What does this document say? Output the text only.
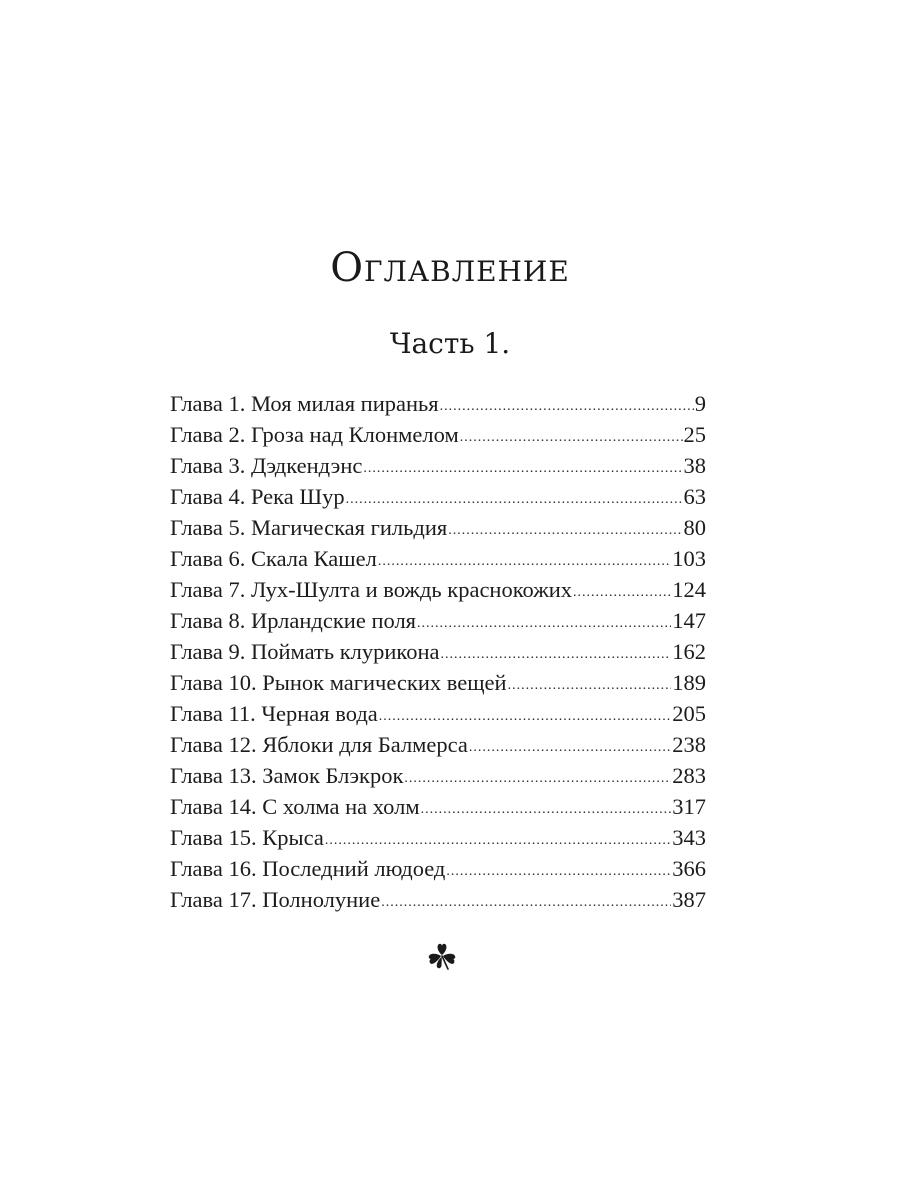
Оглавление
Часть 1.
Глава 1. Моя милая пиранья .....	9
Глава 2. Гроза над Клонмелом .....	25
Глава 3. Дэдкендэнс .....	38
Глава 4. Река Шур .....	63
Глава 5. Магическая гильдия .....	80
Глава 6. Скала Кашел .....	103
Глава 7. Лух-Шулта и вождь краснокожих .....	124
Глава 8. Ирландские поля .....	147
Глава 9. Поймать клурикона .....	162
Глава 10. Рынок магических вещей .....	189
Глава 11. Черная вода .....	205
Глава 12. Яблоки для Балмерса .....	238
Глава 13. Замок Блэкрок .....	283
Глава 14. С холма на холм .....	317
Глава 15. Крыса .....	343
Глава 16. Последний людоед .....	366
Глава 17. Полнолуние .....	387
